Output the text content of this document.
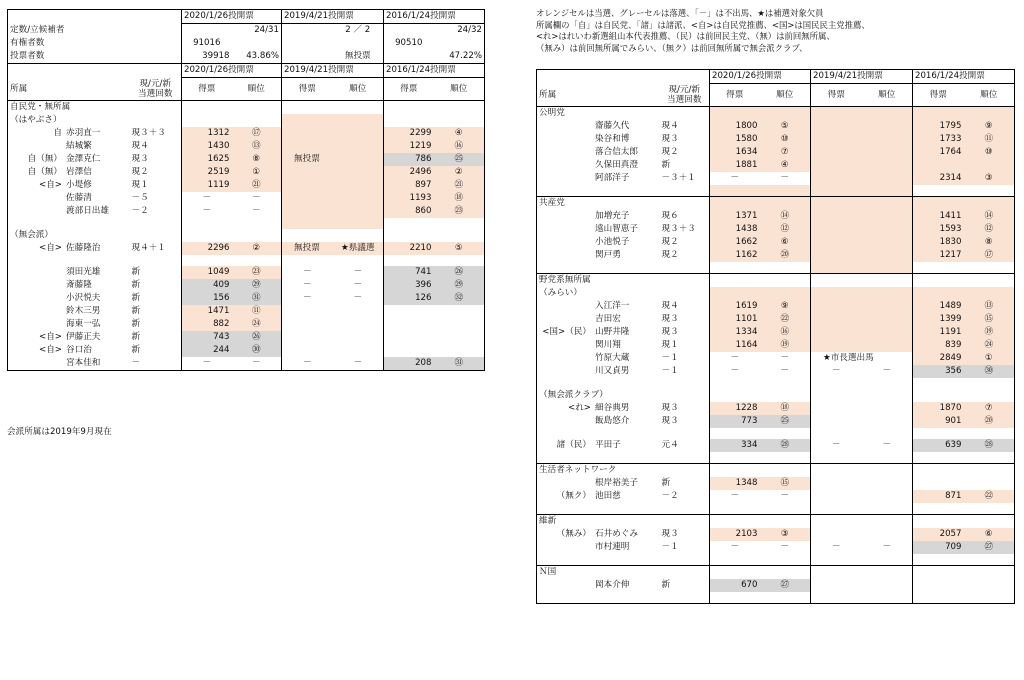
オレンジセルは当選、グレーセルは落選、「－」は不出馬、★は補選対象欠員
所属欄の「自」は自民党、「諸」は諸派、<自>は自民党推薦、<国>は国民民主党推薦、
<れ>はれいわ新選組山本代表推薦、（民）は前回民主党、（無）は前回無所属、
（無み）は前回無所属でみらい、（無ク）は前回無所属で無会派クラブ、
		2020/1/26投開票		2019/4/21投開票		2016/1/24投開票	
定数/立候補者			24/31		2 ／ 2		24/32
有権者数		91016				90510	
投票者数		39918	43.86%		無投票		47.22%
		2020/1/26投開票		2019/4/21投開票		2016/1/24投開票	
所属	現/元/新
当選回数	得票	順位	得票	順位	得票	順位
自民党・無所属							
（はやぶさ）							
自 赤羽直一	現３＋３	1312	⑰			2299	④
結城繁	現４	1430	⑬			1219	⑯
自（無） 金澤克仁	現３	1625	⑧	無投票		786	㉕
自（無） 岩澤信	現２	2519	①			2496	②
<自> 小堤修	現１	1119	㉑			897	㉑
佐藤清	－５	－	－			1193	⑱
渡部日出雄	－２	－	－			860	㉓

（無会派）							
<自> 佐藤隆治	現４＋１	2296	②	無投票	★県議選	2210	⑤

須田光雄	新	1049	㉓	－	－	741	㉖
斎藤隆	新	409	㉙	－	－	396	㉙
小沢悦夫	新	156	㉛	－	－	126	㉜
鈴木三男	新	1471	⑪				
海東一弘	新	882	㉔				
<自> 伊藤正夫	新	743	㉖				
<自> 谷口治	新	244	㉚				
宮本佳和	－	－	－	－	－	208	㉛
会派所属は2019年9月現在
		2020/1/26投開票		2019/4/21投開票		2016/1/24投開票	
所属	現/元/新
当選回数	得票	順位	得票	順位	得票	順位
公明党							
齋藤久代	現４	1800	⑤			1795	⑨
染谷和博	現３	1580	⑩			1733	⑪
落合信太郎	現２	1634	⑦			1764	⑩
久保田真澄	新	1881	④				
阿部洋子	－３＋１	－	－			2314	③

共産党							
加増充子	現６	1371	⑭			1411	⑭
遠山智恵子	現３＋３	1438	⑫			1593	⑫
小池悦子	現２	1662	⑥			1830	⑧
関戸勇	現２	1162	⑳			1217	⑰

野党系無所属							
（みらい）							
入江洋一	現４	1619	⑨			1489	⑬
吉田宏	現３	1101	㉒			1399	⑮
<国>（民） 山野井隆	現３	1334	⑯			1191	⑲
関川翔	現１	1164	⑲			839	㉔
竹原大蔵	－１	－	－	★市長選出馬		2849	①
川又貞男	－１	－	－	－	－	356	㉚

（無会派クラブ）							
<れ> 細谷典男	現３	1228	⑱			1870	⑦
飯島悠介	現３	773	㉕			901	⑳

諸（民） 平田子	元４	334	㉘	－	－	639	㉘

生活者ネットワーク							
根岸裕美子	新	1348	⑮				
（無ク） 池田慈	－２	－	－			871	㉒

維新							
（無み） 石井めぐみ	現３	2103	③			2057	⑥
市村連明	－１	－	－	－	－	709	㉗

Ｎ国							
岡本介伸	新	670	㉗				
